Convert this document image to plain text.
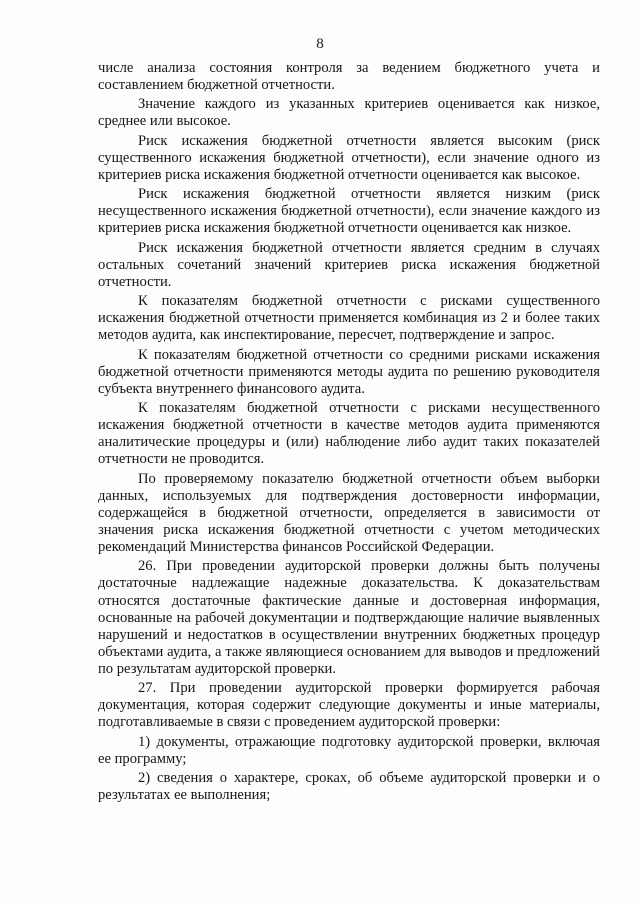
8

числе анализа состояния контроля за ведением бюджетного учета и составлением бюджетной отчетности.

Значение каждого из указанных критериев оценивается как низкое, среднее или высокое.

Риск искажения бюджетной отчетности является высоким (риск существенного искажения бюджетной отчетности), если значение одного из критериев риска искажения бюджетной отчетности оценивается как высокое.

Риск искажения бюджетной отчетности является низким (риск несущественного искажения бюджетной отчетности), если значение каждого из критериев риска искажения бюджетной отчетности оценивается как низкое.

Риск искажения бюджетной отчетности является средним в случаях остальных сочетаний значений критериев риска искажения бюджетной отчетности.

К показателям бюджетной отчетности с рисками существенного искажения бюджетной отчетности применяется комбинация из 2 и более таких методов аудита, как инспектирование, пересчет, подтверждение и запрос.

К показателям бюджетной отчетности со средними рисками искажения бюджетной отчетности применяются методы аудита по решению руководителя субъекта внутреннего финансового аудита.

К показателям бюджетной отчетности с рисками несущественного искажения бюджетной отчетности в качестве методов аудита применяются аналитические процедуры и (или) наблюдение либо аудит таких показателей отчетности не проводится.

По проверяемому показателю бюджетной отчетности объем выборки данных, используемых для подтверждения достоверности информации, содержащейся в бюджетной отчетности, определяется в зависимости от значения риска искажения бюджетной отчетности с учетом методических рекомендаций Министерства финансов Российской Федерации.

26. При проведении аудиторской проверки должны быть получены достаточные надлежащие надежные доказательства. К доказательствам относятся достаточные фактические данные и достоверная информация, основанные на рабочей документации и подтверждающие наличие выявленных нарушений и недостатков в осуществлении внутренних бюджетных процедур объектами аудита, а также являющиеся основанием для выводов и предложений по результатам аудиторской проверки.

27. При проведении аудиторской проверки формируется рабочая документация, которая содержит следующие документы и иные материалы, подготавливаемые в связи с проведением аудиторской проверки:

1) документы, отражающие подготовку аудиторской проверки, включая ее программу;

2) сведения о характере, сроках, об объеме аудиторской проверки и о результатах ее выполнения;
